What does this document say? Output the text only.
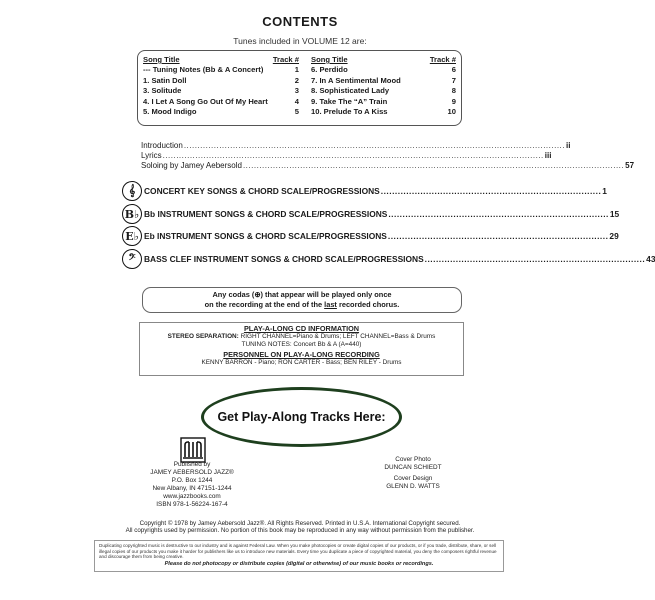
CONTENTS
Tunes included in VOLUME 12 are:
Song Title	Track #
--- Tuning Notes (Bb & A Concert)	1
1. Satin Doll	2
3. Solitude	3
4. I Let A Song Go Out Of My Heart	4
5. Mood Indigo	5
Song Title	Track #
6. Perdido	6
7. In A Sentimental Mood	7
8. Sophisticated Lady	8
9. Take The “A” Train	9
10. Prelude To A Kiss	10
Introduction ............................................................................................................................................ ii
Lyrics ............................................................................................................................................ iii
Soloing by Jamey Aebersold ............................................................................................................................................ 57
𝄞	CONCERT KEY SONGS & CHORD SCALE/PROGRESSIONS .............................................................................. 1
B♭ Bb INSTRUMENT SONGS & CHORD SCALE/PROGRESSIONS .............................................................................. 15
E♭ Eb INSTRUMENT SONGS & CHORD SCALE/PROGRESSIONS .............................................................................. 29
𝄢	BASS CLEF INSTRUMENT SONGS & CHORD SCALE/PROGRESSIONS .............................................................................. 43
Any codas (⊕) that appear will be played only once
on the recording at the end of the last recorded chorus.
PLAY-A-LONG CD INFORMATION
STEREO SEPARATION: RIGHT CHANNEL=Piano & Drums; LEFT CHANNEL=Bass & Drums
TUNING NOTES: Concert Bb & A (A=440)
PERSONNEL ON PLAY-A-LONG RECORDING
KENNY BARRON - Piano; RON CARTER - Bass; BEN RILEY - Drums
Get Play-Along Tracks Here:
Published by
JAMEY AEBERSOLD JAZZ®
P.O. Box 1244
New Albany, IN 47151-1244
www.jazzbooks.com
ISBN 978-1-56224-167-4
Cover Photo
DUNCAN SCHIEDT
Cover Design
GLENN D. WATTS
Copyright © 1978 by Jamey Aebersold Jazz®. All Rights Reserved. Printed in U.S.A. International Copyright secured.
All copyrights used by permission. No portion of this book may be reproduced in any way without permission from the publisher.
Duplicating copyrighted music is destructive to our industry and is against Federal Law. When you make photocopies or create digital copies of our products, or if you trade, distribute, share, or sell illegal copies of our products you make it harder for publishers like us to introduce new materials. Every time you duplicate a piece of copyrighted material, you deny the composers rightful revenue and discourage them from being creative.
Please do not photocopy or distribute copies (digital or otherwise) of our music books or recordings.
